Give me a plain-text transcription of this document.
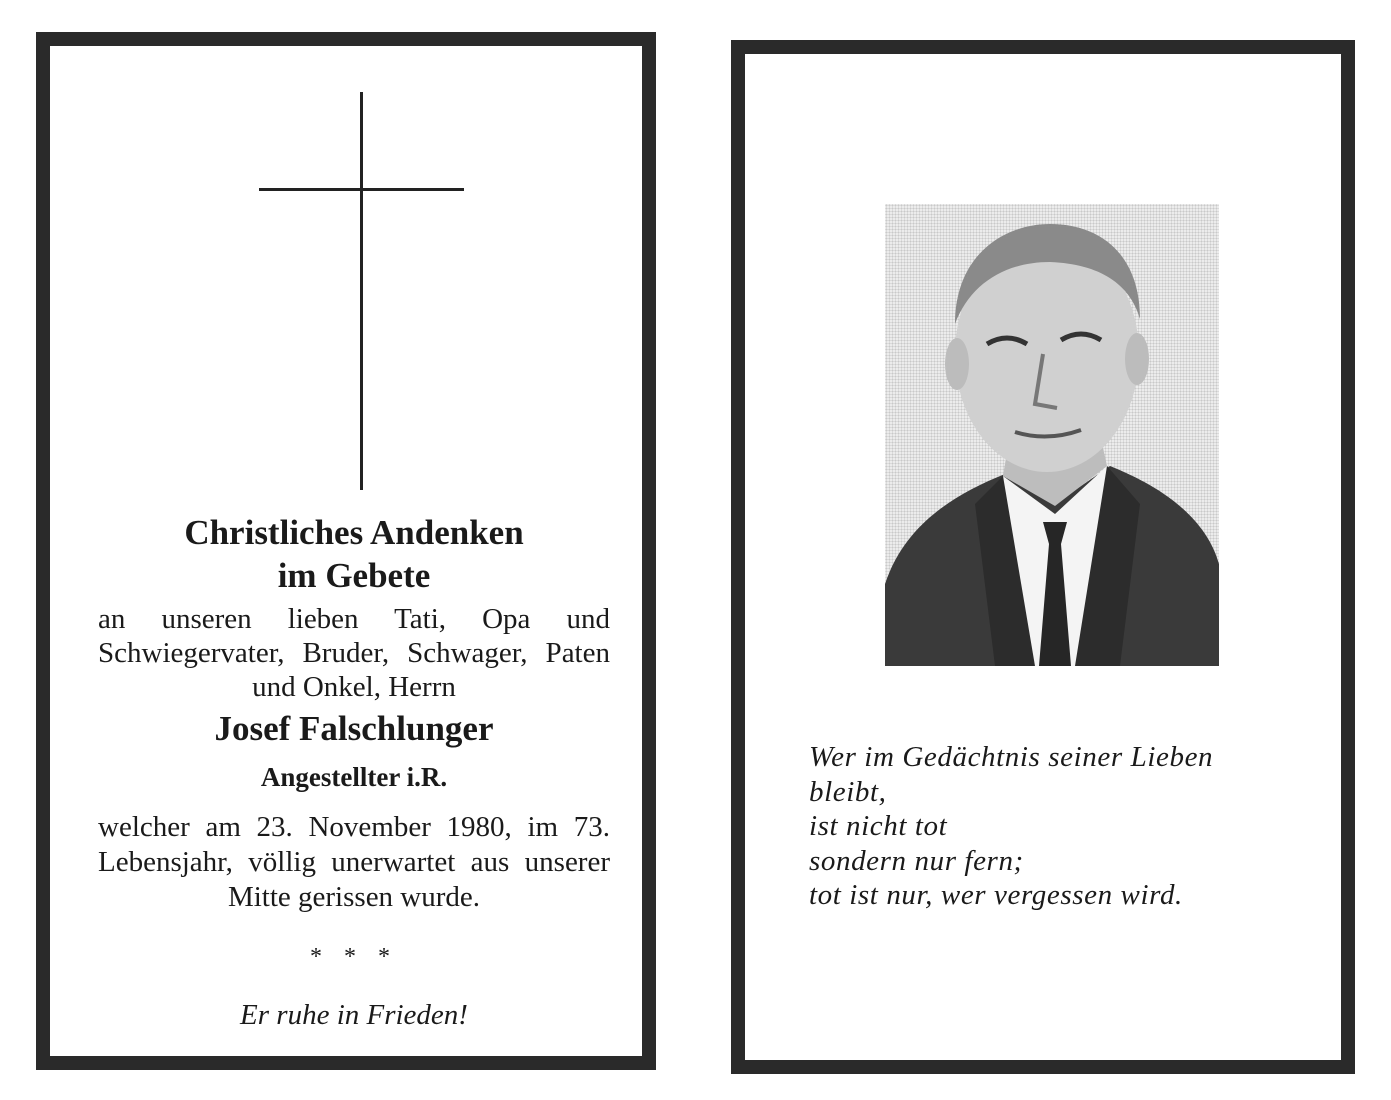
Christliches Andenken
im Gebete
an unseren lieben Tati, Opa und Schwiegervater, Bruder, Schwager, Paten und Onkel, Herrn
Josef Falschlunger
Angestellter i.R.
welcher am 23. November 1980, im 73. Lebensjahr, völlig unerwartet aus unserer Mitte gerissen wurde.
* * *
Er ruhe in Frieden!
Wer im Gedächtnis seiner Lieben
bleibt,
ist nicht tot
sondern nur fern;
tot ist nur, wer vergessen wird.
